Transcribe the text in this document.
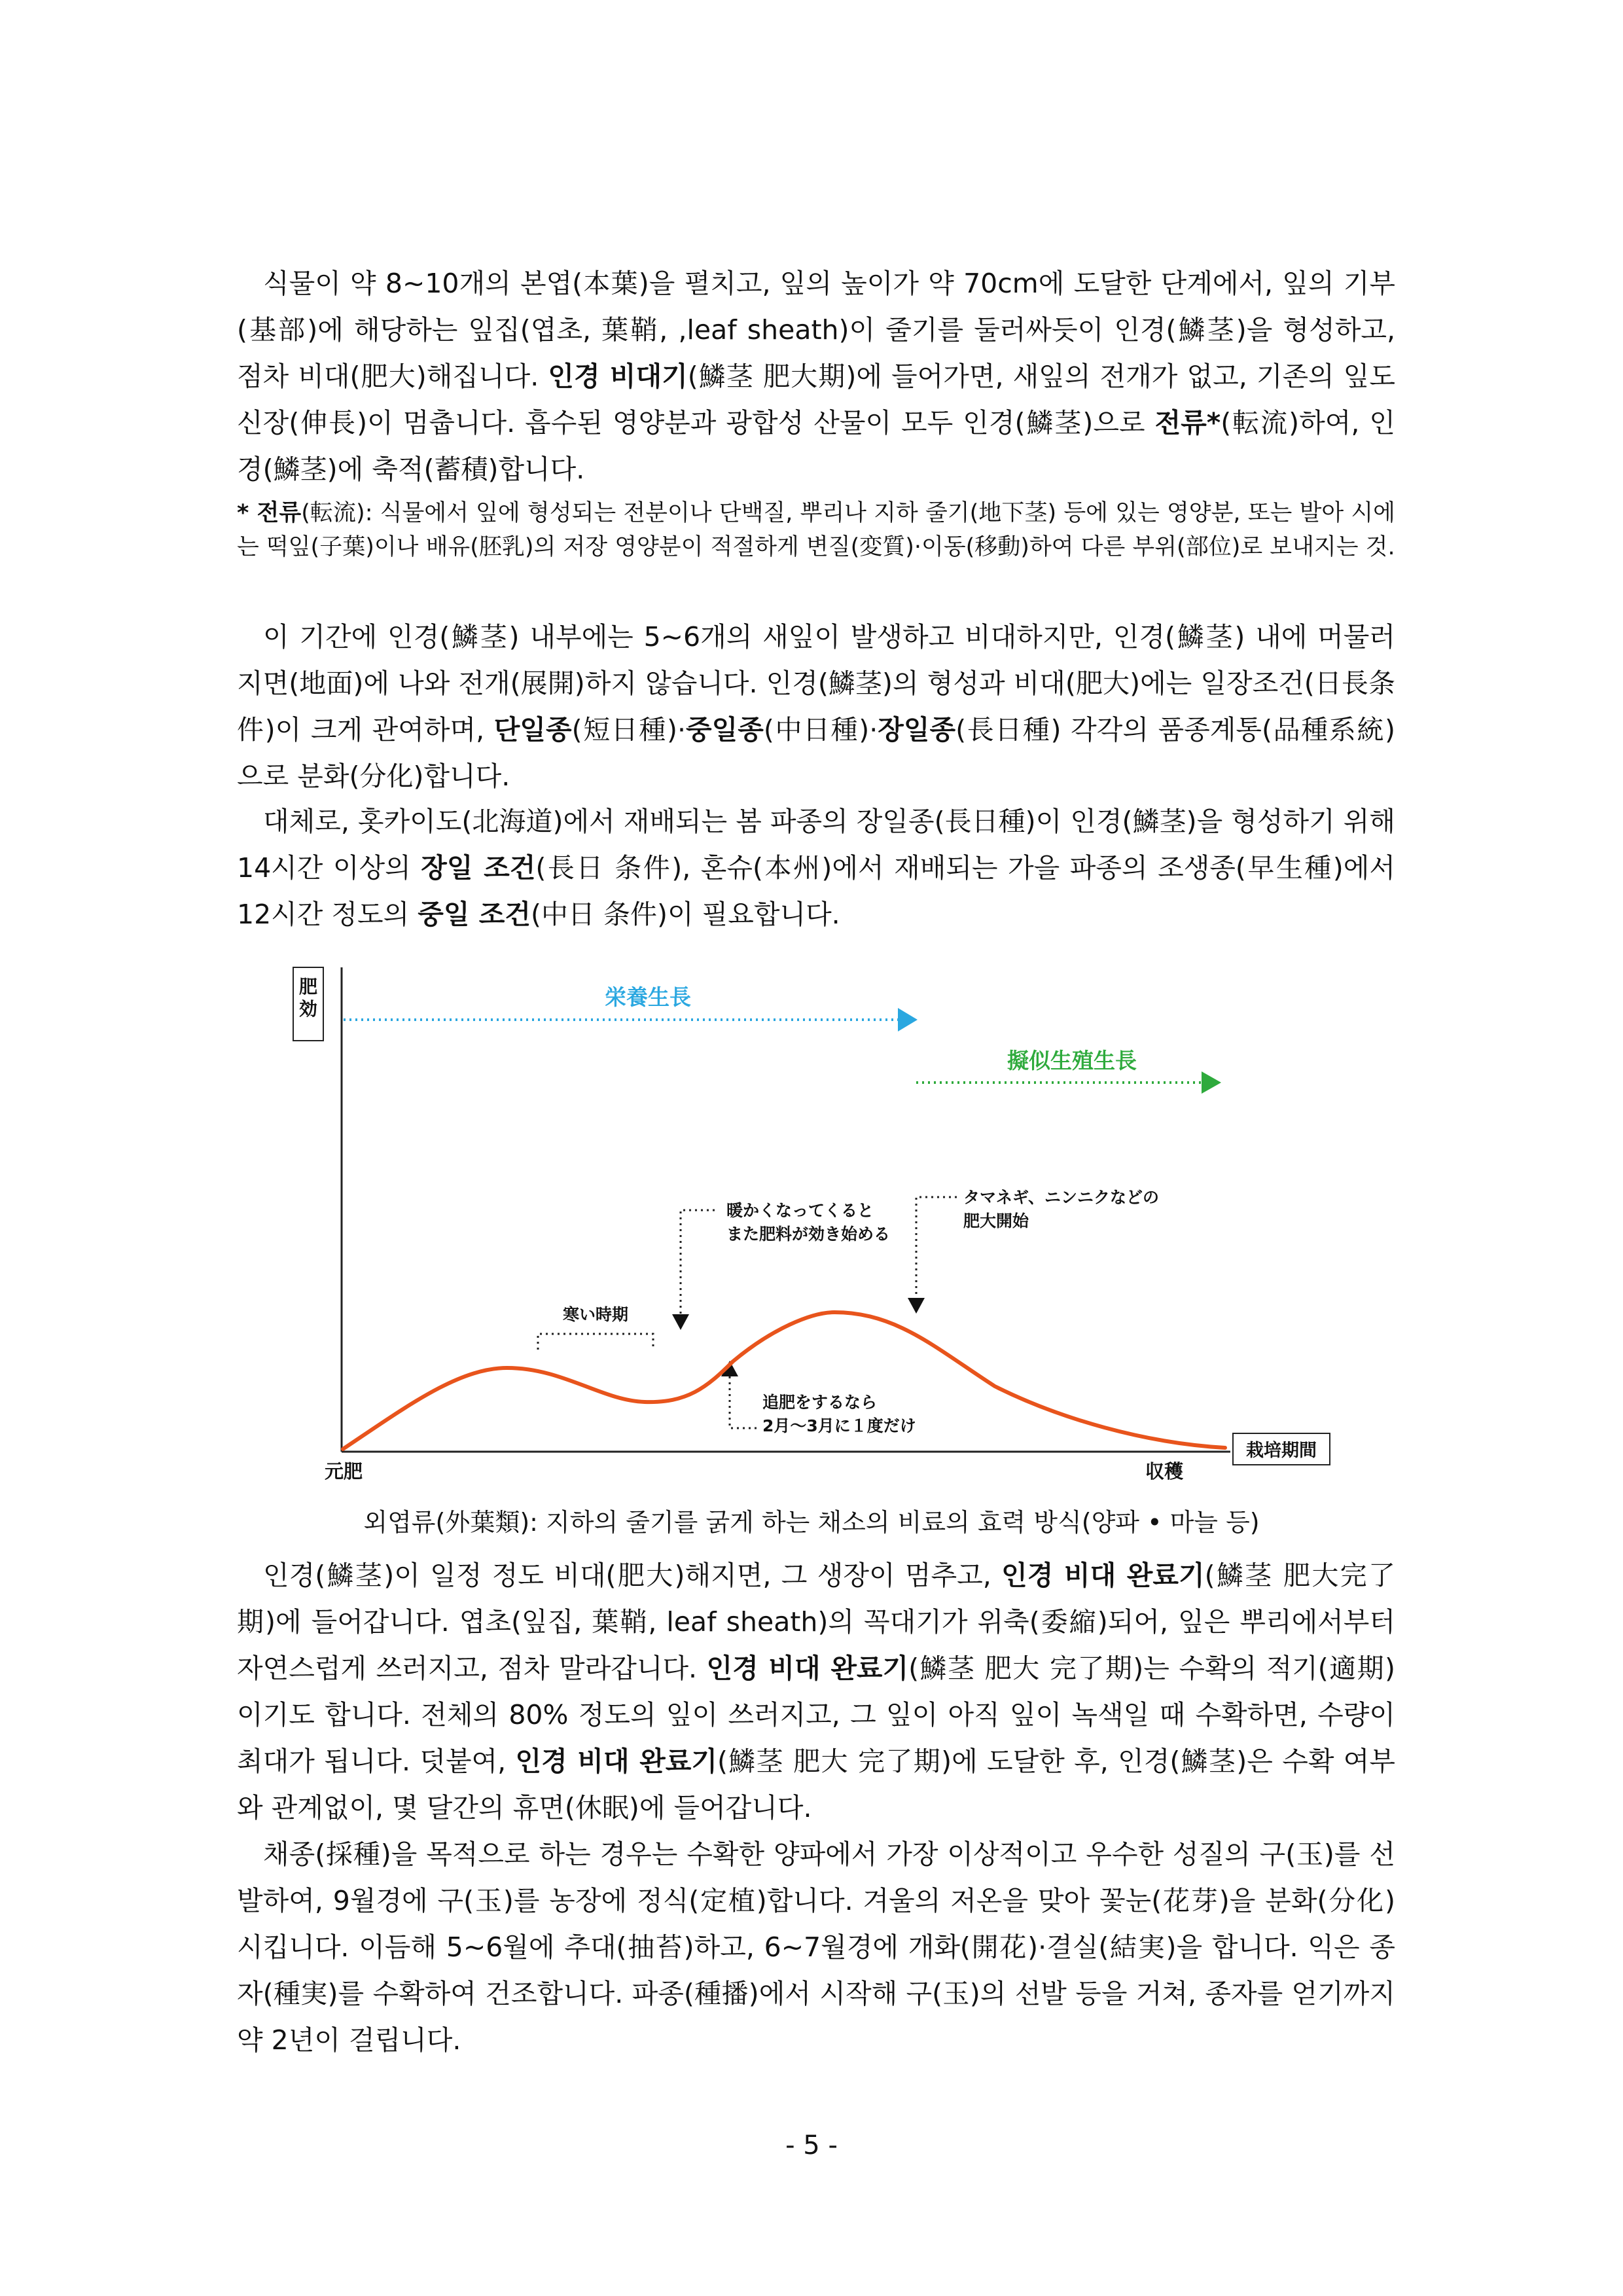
식물이 약 8~10개의 본엽(本葉)을 펼치고, 잎의 높이가 약 70cm에 도달한 단계에서, 잎의 기부(基部)에 해당하는 잎집(엽초, 葉鞘, ,leaf sheath)이 줄기를 둘러싸듯이 인경(鱗茎)을 형성하고, 점차 비대(肥大)해집니다. 인경 비대기(鱗茎 肥大期)에 들어가면, 새잎의 전개가 없고, 기존의 잎도 신장(伸長)이 멈춥니다. 흡수된 영양분과 광합성 산물이 모두 인경(鱗茎)으로 전류*(転流)하여, 인경(鱗茎)에 축적(蓄積)합니다.

* 전류(転流): 식물에서 잎에 형성되는 전분이나 단백질, 뿌리나 지하 줄기(地下茎) 등에 있는 영양분, 또는 발아 시에는 떡잎(子葉)이나 배유(胚乳)의 저장 영양분이 적절하게 변질(変質)·이동(移動)하여 다른 부위(部位)로 보내지는 것.

이 기간에 인경(鱗茎) 내부에는 5~6개의 새잎이 발생하고 비대하지만, 인경(鱗茎) 내에 머물러 지면(地面)에 나와 전개(展開)하지 않습니다. 인경(鱗茎)의 형성과 비대(肥大)에는 일장조건(日長条件)이 크게 관여하며, 단일종(短日種)·중일종(中日種)·장일종(長日種) 각각의 품종계통(品種系統)으로 분화(分化)합니다.

대체로, 홋카이도(北海道)에서 재배되는 봄 파종의 장일종(長日種)이 인경(鱗茎)을 형성하기 위해 14시간 이상의 장일 조건(長日 条件), 혼슈(本州)에서 재배되는 가을 파종의 조생종(早生種)에서 12시간 정도의 중일 조건(中日 条件)이 필요합니다.

肥
効
元肥	収穫
栽培期間
栄養生長
擬似生殖生長
寒い時期
暖かくなってくると
また肥料が効き始める
タマネギ、ニンニクなどの
肥大開始
追肥をするなら
2月～3月に１度だけ
외엽류(外葉類): 지하의 줄기를 굵게 하는 채소의 비료의 효력 방식(양파 • 마늘 등)

인경(鱗茎)이 일정 정도 비대(肥大)해지면, 그 생장이 멈추고, 인경 비대 완료기(鱗茎 肥大完了期)에 들어갑니다. 엽초(잎집, 葉鞘, leaf sheath)의 꼭대기가 위축(委縮)되어, 잎은 뿌리에서부터 자연스럽게 쓰러지고, 점차 말라갑니다. 인경 비대 완료기(鱗茎 肥大 完了期)는 수확의 적기(適期)이기도 합니다. 전체의 80% 정도의 잎이 쓰러지고, 그 잎이 아직 잎이 녹색일 때 수확하면, 수량이 최대가 됩니다. 덧붙여, 인경 비대 완료기(鱗茎 肥大 完了期)에 도달한 후, 인경(鱗茎)은 수확 여부와 관계없이, 몇 달간의 휴면(休眠)에 들어갑니다.

채종(採種)을 목적으로 하는 경우는 수확한 양파에서 가장 이상적이고 우수한 성질의 구(玉)를 선발하여, 9월경에 구(玉)를 농장에 정식(定植)합니다. 겨울의 저온을 맞아 꽃눈(花芽)을 분화(分化)시킵니다. 이듬해 5~6월에 추대(抽苔)하고, 6~7월경에 개화(開花)·결실(結実)을 합니다. 익은 종자(種実)를 수확하여 건조합니다. 파종(種播)에서 시작해 구(玉)의 선발 등을 거쳐, 종자를 얻기까지 약 2년이 걸립니다.

- 5 -
